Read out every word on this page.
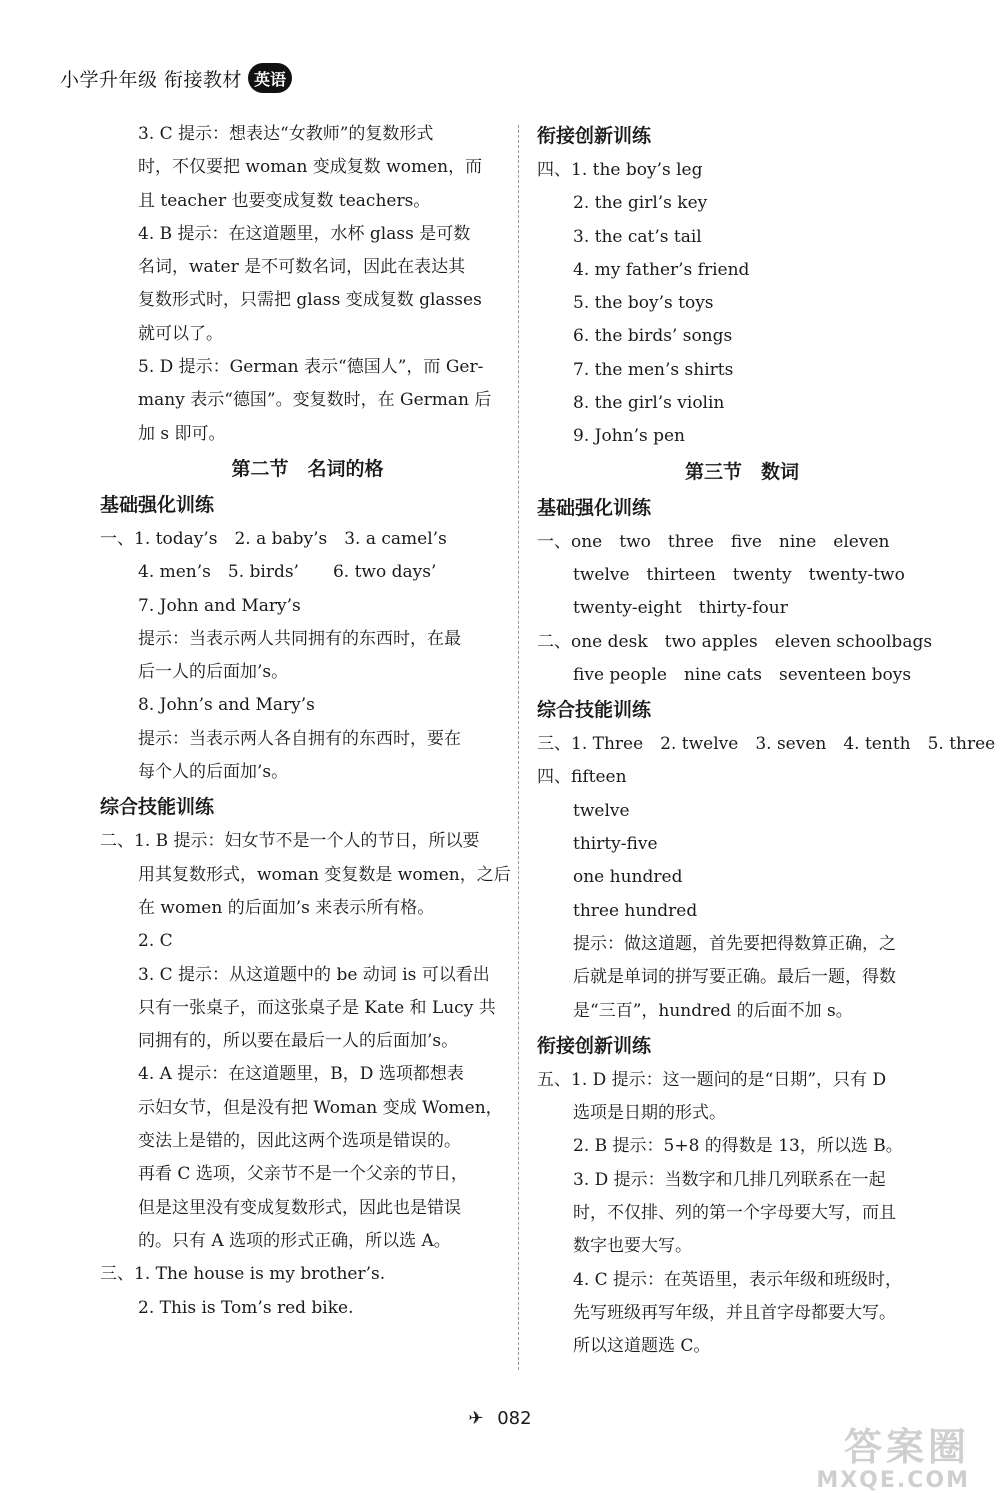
小学升年级 衔接教材 英语
3. C 提示：想表达“女教师”的复数形式
时，不仅要把 woman 变成复数 women，而
且 teacher 也要变成复数 teachers。
4. B 提示：在这道题里，水杯 glass 是可数
名词，water 是不可数名词，因此在表达其
复数形式时，只需把 glass 变成复数 glasses
就可以了。
5. D 提示：German 表示“德国人”，而 Ger-
many 表示“德国”。变复数时，在 German 后
加 s 即可。
第二节　名词的格
基础强化训练
一、1. today’s　2. a baby’s　3. a camel’s
4. men’s　5. birds’　　6. two days’
7. John and Mary’s
提示：当表示两人共同拥有的东西时，在最
后一人的后面加’s。
8. John’s and Mary’s
提示：当表示两人各自拥有的东西时，要在
每个人的后面加’s。
综合技能训练
二、1. B 提示：妇女节不是一个人的节日，所以要
用其复数形式，woman 变复数是 women，之后
在 women 的后面加’s 来表示所有格。
2. C
3. C 提示：从这道题中的 be 动词 is 可以看出
只有一张桌子，而这张桌子是 Kate 和 Lucy 共
同拥有的，所以要在最后一人的后面加’s。
4. A 提示：在这道题里，B，D 选项都想表
示妇女节，但是没有把 Woman 变成 Women，
变法上是错的，因此这两个选项是错误的。
再看 C 选项，父亲节不是一个父亲的节日，
但是这里没有变成复数形式，因此也是错误
的。只有 A 选项的形式正确，所以选 A。
三、1. The house is my brother’s.
2. This is Tom’s red bike.
衔接创新训练
四、1. the boy’s leg
2. the girl’s key
3. the cat’s tail
4. my father’s friend
5. the boy’s toys
6. the birds’ songs
7. the men’s shirts
8. the girl’s violin
9. John’s pen
第三节　数词
基础强化训练
一、one　two　three　five　nine　eleven
twelve　thirteen　twenty　twenty-two
twenty-eight　thirty-four
二、one desk　two apples　eleven schoolbags
five people　nine cats　seventeen boys
综合技能训练
三、1. Three　2. twelve　3. seven　4. tenth　5. three
四、fifteen
twelve
thirty-five
one hundred
three hundred
提示：做这道题，首先要把得数算正确，之
后就是单词的拼写要正确。最后一题，得数
是“三百”，hundred 的后面不加 s。
衔接创新训练
五、1. D 提示：这一题问的是“日期”，只有 D
选项是日期的形式。
2. B 提示：5+8 的得数是 13，所以选 B。
3. D 提示：当数字和几排几列联系在一起
时，不仅排、列的第一个字母要大写，而且
数字也要大写。
4. C 提示：在英语里，表示年级和班级时，
先写班级再写年级，并且首字母都要大写。
所以这道题选 C。
✈ 082
答案圈
MXQE.COM
